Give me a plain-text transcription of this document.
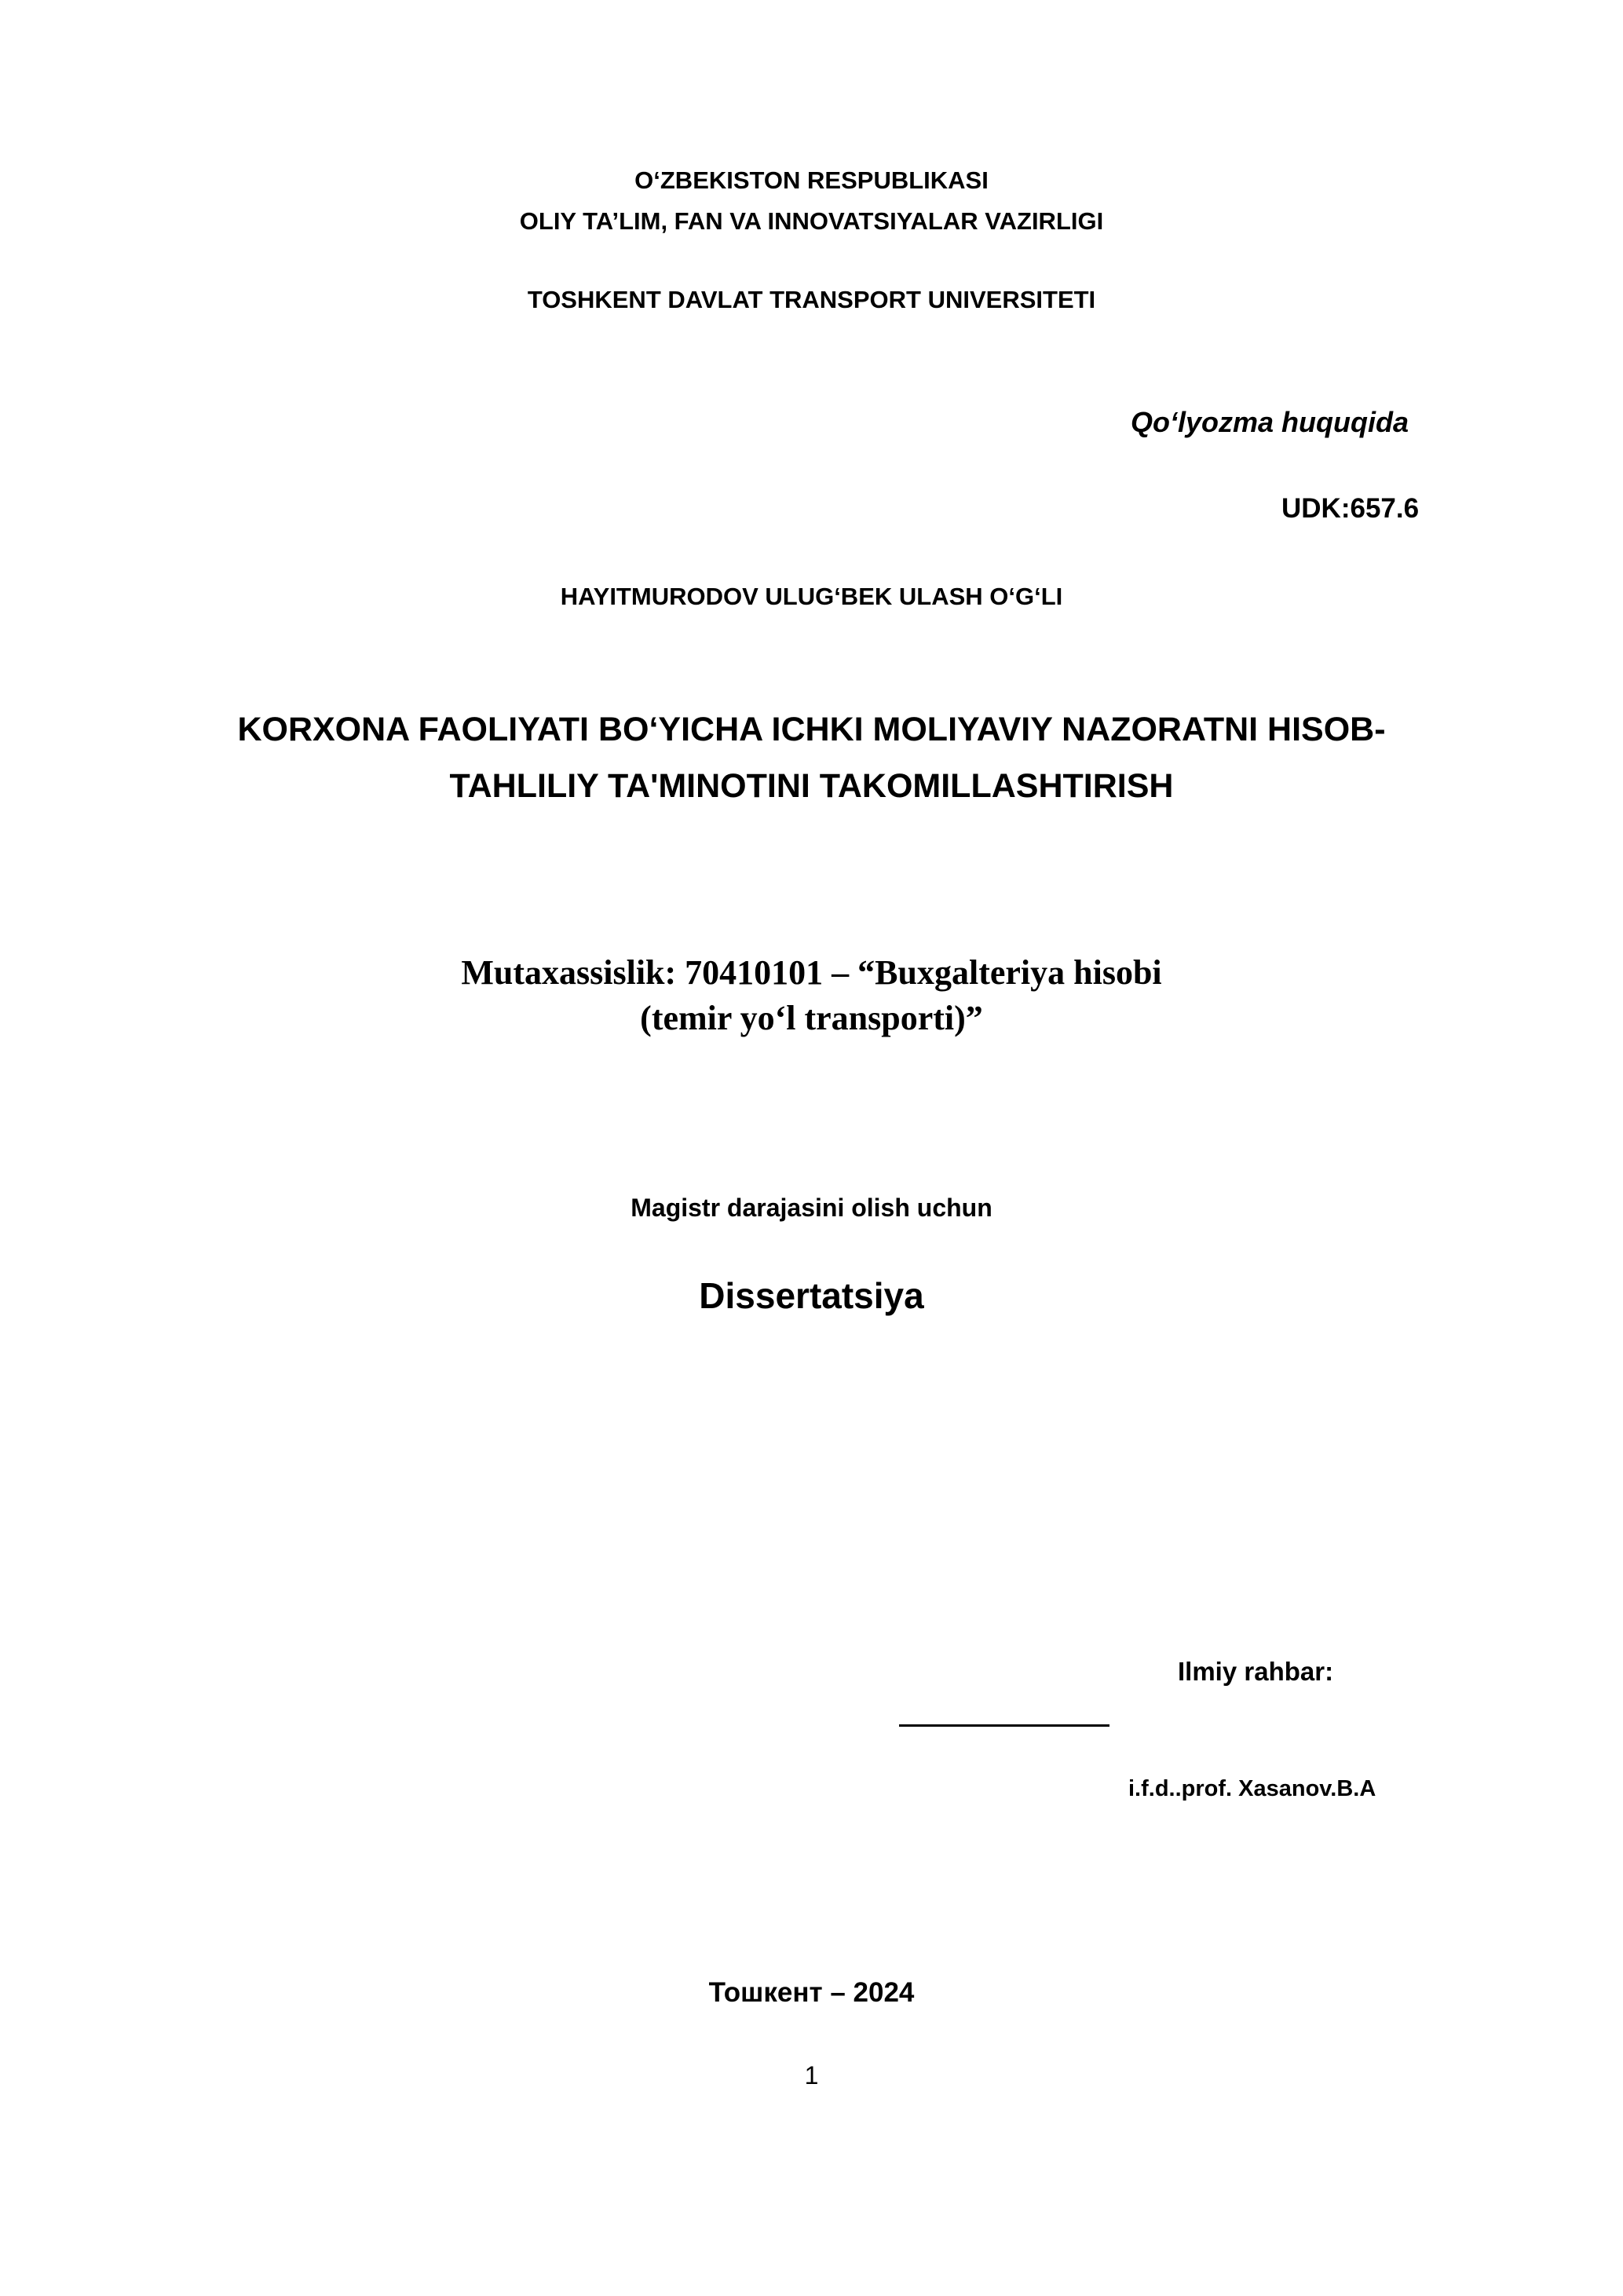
O‘ZBEKISTON RESPUBLIKASI
OLIY TA’LIM, FAN VA INNOVATSIYALAR VAZIRLIGI
TOSHKENT DAVLAT TRANSPORT UNIVERSITETI
Qo‘lyozma huquqida
UDK:657.6
HAYITMURODOV ULUG‘BEK ULASH O‘G‘LI
KORXONA FAOLIYATI BO‘YICHA ICHKI MOLIYAVIY NAZORATNI HISOB-
TAHLILIY TA'MINOTINI TAKOMILLASHTIRISH
Mutaxassislik: 70410101 – “Buxgalteriya hisobi
(temir yo‘l transporti)”
Magistr darajasini olish uchun
Dissertatsiya
Ilmiy rahbar:
i.f.d..prof. Xasanov.B.A
Тошкент – 2024
1
